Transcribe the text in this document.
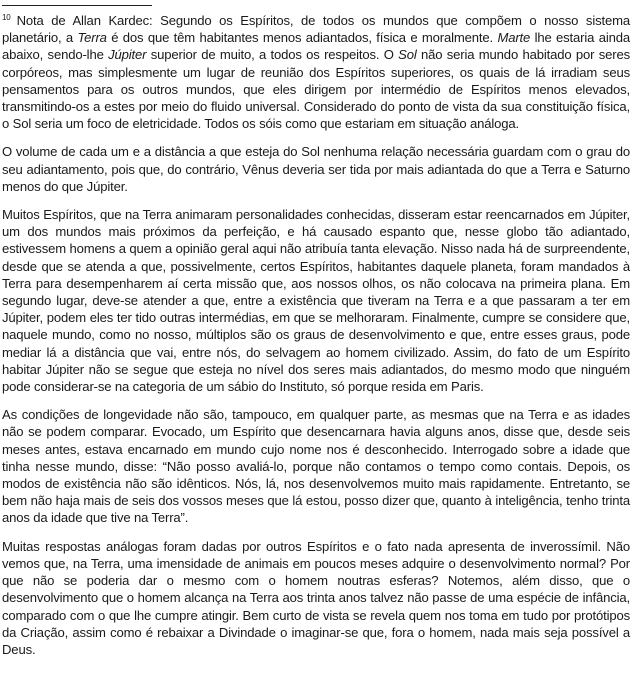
$^{10}$ Nota de Allan Kardec: Segundo os Espíritos, de todos os mundos que compõem o nosso sistema planetário, a Terra é dos que têm habitantes menos adiantados, física e moralmente. Marte lhe estaria ainda abaixo, sendo-lhe Júpiter superior de muito, a todos os respeitos. O Sol não seria mundo habitado por seres corpóreos, mas simplesmente um lugar de reunião dos Espíritos superiores, os quais de lá irradiam seus pensamentos para os outros mundos, que eles dirigem por intermédio de Espíritos menos elevados, transmitindo-os a estes por meio do fluido universal. Considerado do ponto de vista da sua constituição física, o Sol seria um foco de eletricidade. Todos os sóis como que estariam em situação análoga.

O volume de cada um e a distância a que esteja do Sol nenhuma relação necessária guardam com o grau do seu adiantamento, pois que, do contrário, Vênus deveria ser tida por mais adiantada do que a Terra e Saturno menos do que Júpiter.

Muitos Espíritos, que na Terra animaram personalidades conhecidas, disseram estar reencarnados em Júpiter, um dos mundos mais próximos da perfeição, e há causado espanto que, nesse globo tão adiantado, estivessem homens a quem a opinião geral aqui não atribuía tanta elevação. Nisso nada há de surpreendente, desde que se atenda a que, possivelmente, certos Espíritos, habitantes daquele planeta, foram mandados à Terra para desempenharem aí certa missão que, aos nossos olhos, os não colocava na primeira plana. Em segundo lugar, deve-se atender a que, entre a existência que tiveram na Terra e a que passaram a ter em Júpiter, podem eles ter tido outras intermédias, em que se melhoraram. Finalmente, cumpre se considere que, naquele mundo, como no nosso, múltiplos são os graus de desenvolvimento e que, entre esses graus, pode mediar lá a distância que vai, entre nós, do selvagem ao homem civilizado. Assim, do fato de um Espírito habitar Júpiter não se segue que esteja no nível dos seres mais adiantados, do mesmo modo que ninguém pode considerar-se na categoria de um sábio do Instituto, só porque resida em Paris.

As condições de longevidade não são, tampouco, em qualquer parte, as mesmas que na Terra e as idades não se podem comparar. Evocado, um Espírito que desencarnara havia alguns anos, disse que, desde seis meses antes, estava encarnado em mundo cujo nome nos é desconhecido. Interrogado sobre a idade que tinha nesse mundo, disse: “Não posso avaliá-lo, porque não contamos o tempo como contais. Depois, os modos de existência não são idênticos. Nós, lá, nos desenvolvemos muito mais rapidamente. Entretanto, se bem não haja mais de seis dos vossos meses que lá estou, posso dizer que, quanto à inteligência, tenho trinta anos da idade que tive na Terra”.

Muitas respostas análogas foram dadas por outros Espíritos e o fato nada apresenta de inverossímil. Não vemos que, na Terra, uma imensidade de animais em poucos meses adquire o desenvolvimento normal? Por que não se poderia dar o mesmo com o homem noutras esferas? Notemos, além disso, que o desenvolvimento que o homem alcança na Terra aos trinta anos talvez não passe de uma espécie de infância, comparado com o que lhe cumpre atingir. Bem curto de vista se revela quem nos toma em tudo por protótipos da Criação, assim como é rebaixar a Divindade o imaginar-se que, fora o homem, nada mais seja possível a Deus.
